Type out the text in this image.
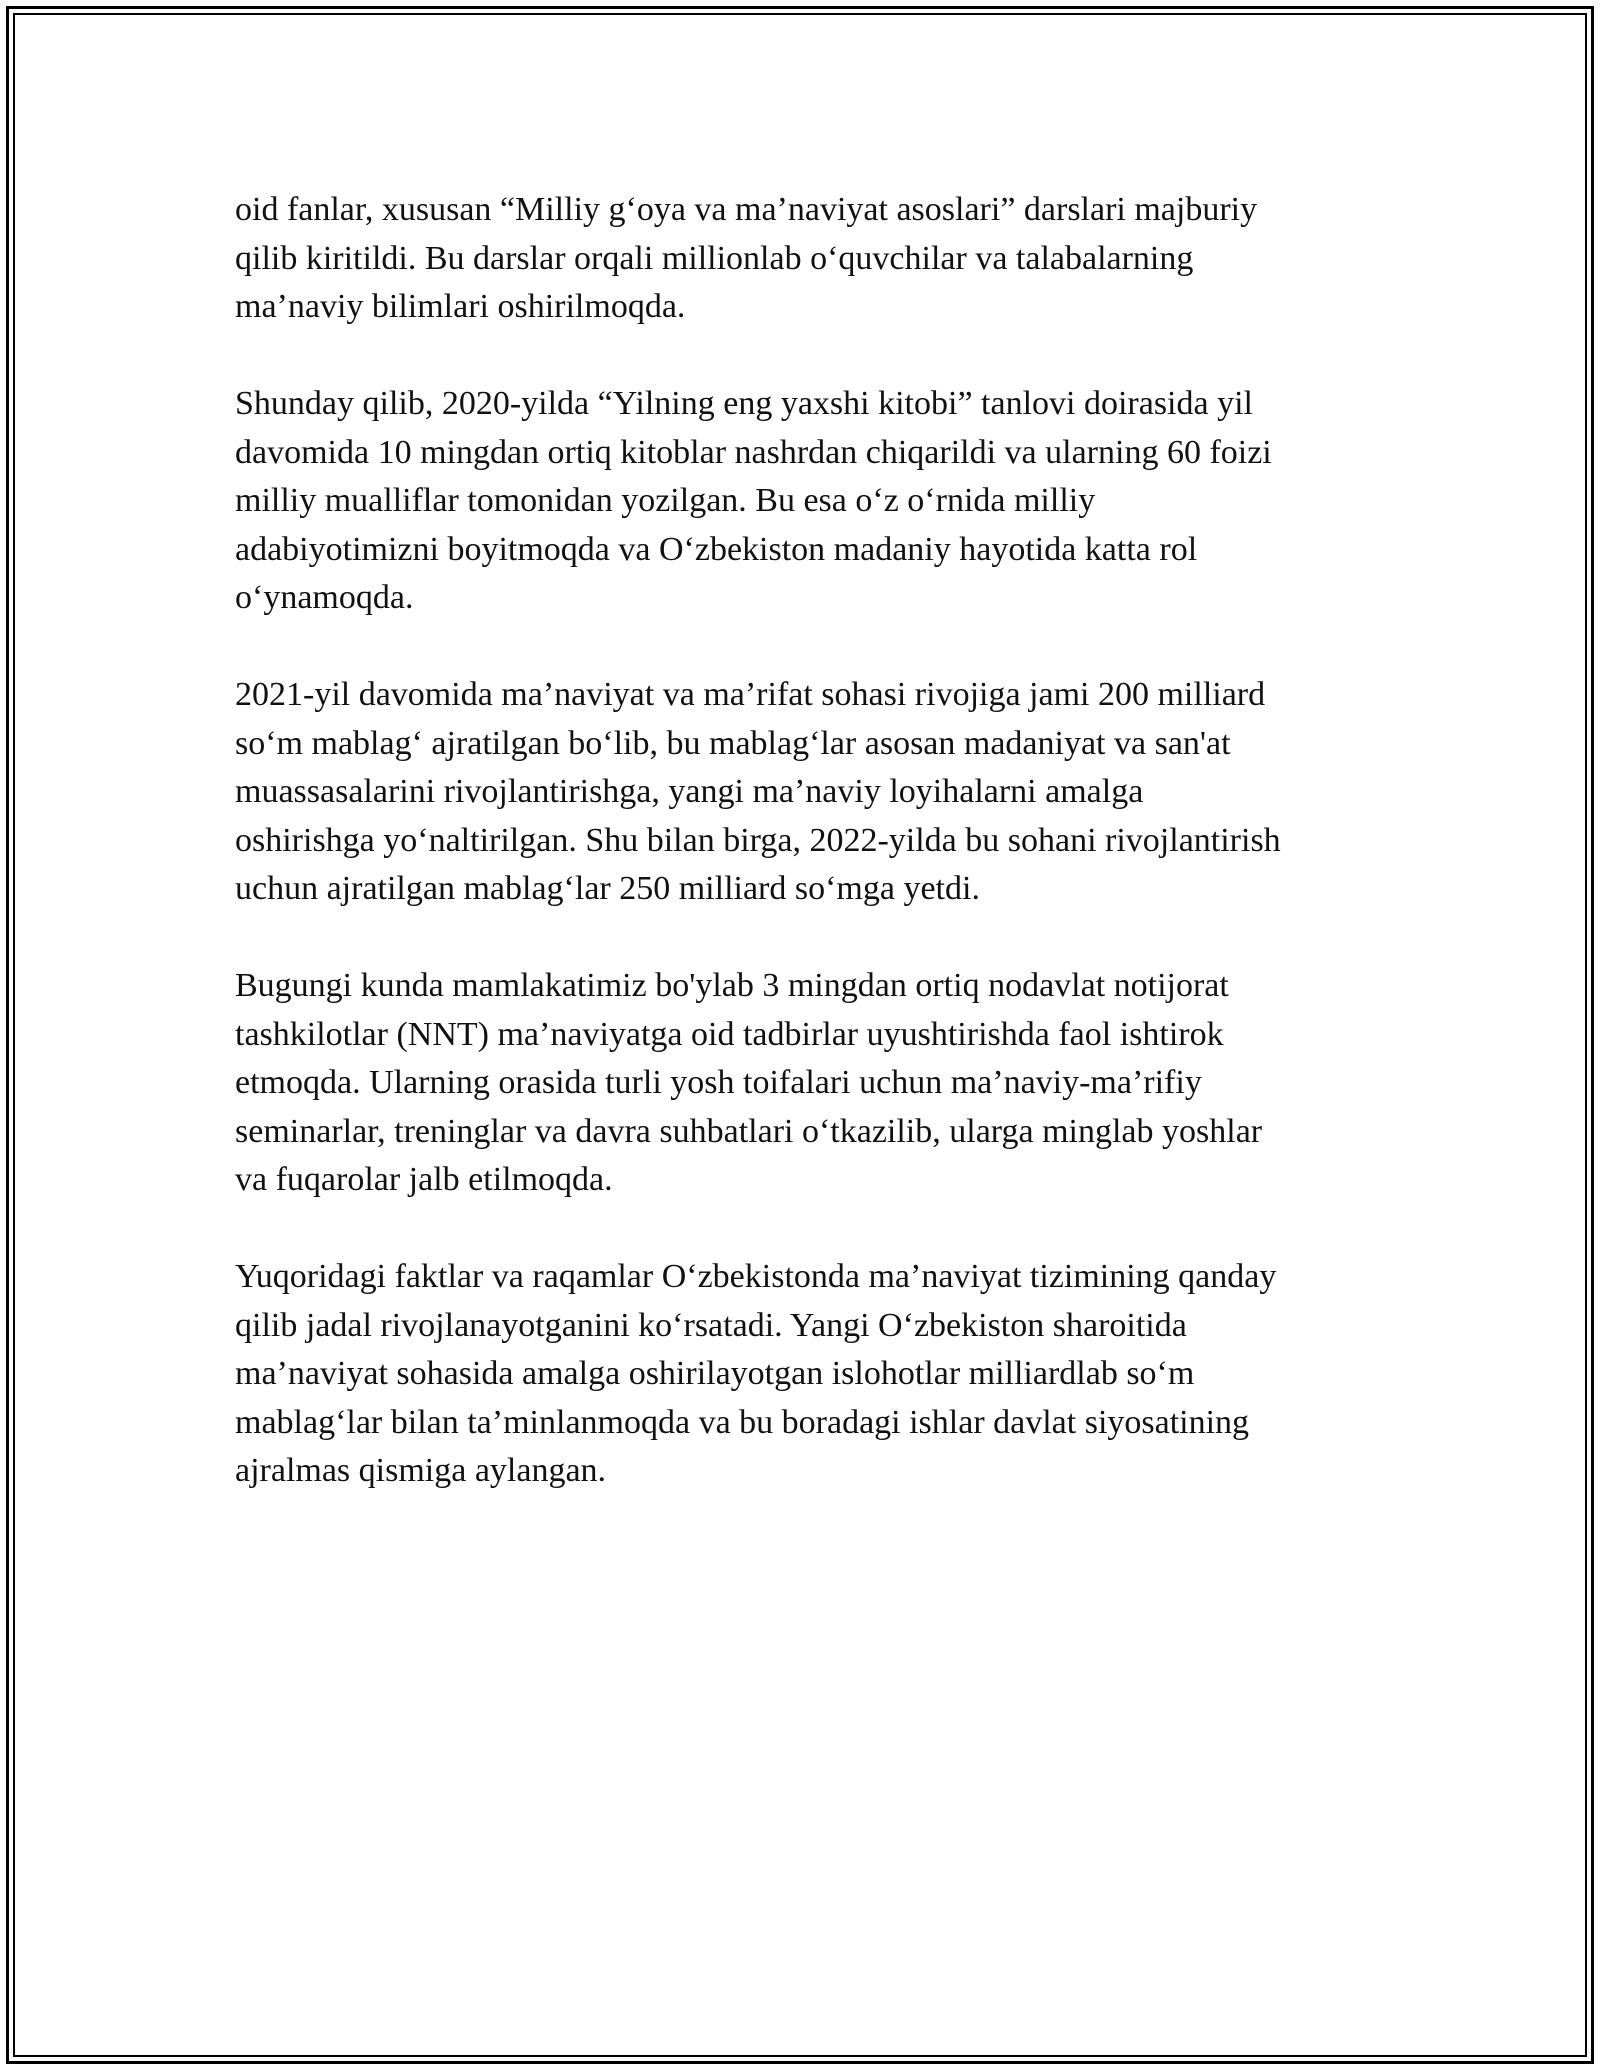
oid fanlar, xususan “Milliy g‘oya va ma’naviyat asoslari” darslari majburiy
qilib kiritildi. Bu darslar orqali millionlab o‘quvchilar va talabalarning
ma’naviy bilimlari oshirilmoqda.

Shunday qilib, 2020-yilda “Yilning eng yaxshi kitobi” tanlovi doirasida yil
davomida 10 mingdan ortiq kitoblar nashrdan chiqarildi va ularning 60 foizi
milliy mualliflar tomonidan yozilgan. Bu esa o‘z o‘rnida milliy
adabiyotimizni boyitmoqda va O‘zbekiston madaniy hayotida katta rol
o‘ynamoqda.

2021-yil davomida ma’naviyat va ma’rifat sohasi rivojiga jami 200 milliard
so‘m mablag‘ ajratilgan bo‘lib, bu mablag‘lar asosan madaniyat va san'at
muassasalarini rivojlantirishga, yangi ma’naviy loyihalarni amalga
oshirishga yo‘naltirilgan. Shu bilan birga, 2022-yilda bu sohani rivojlantirish
uchun ajratilgan mablag‘lar 250 milliard so‘mga yetdi.

Bugungi kunda mamlakatimiz bo'ylab 3 mingdan ortiq nodavlat notijorat
tashkilotlar (NNT) ma’naviyatga oid tadbirlar uyushtirishda faol ishtirok
etmoqda. Ularning orasida turli yosh toifalari uchun ma’naviy-ma’rifiy
seminarlar, treninglar va davra suhbatlari o‘tkazilib, ularga minglab yoshlar
va fuqarolar jalb etilmoqda.

Yuqoridagi faktlar va raqamlar O‘zbekistonda ma’naviyat tizimining qanday
qilib jadal rivojlanayotganini ko‘rsatadi. Yangi O‘zbekiston sharoitida
ma’naviyat sohasida amalga oshirilayotgan islohotlar milliardlab so‘m
mablag‘lar bilan ta’minlanmoqda va bu boradagi ishlar davlat siyosatining
ajralmas qismiga aylangan.
